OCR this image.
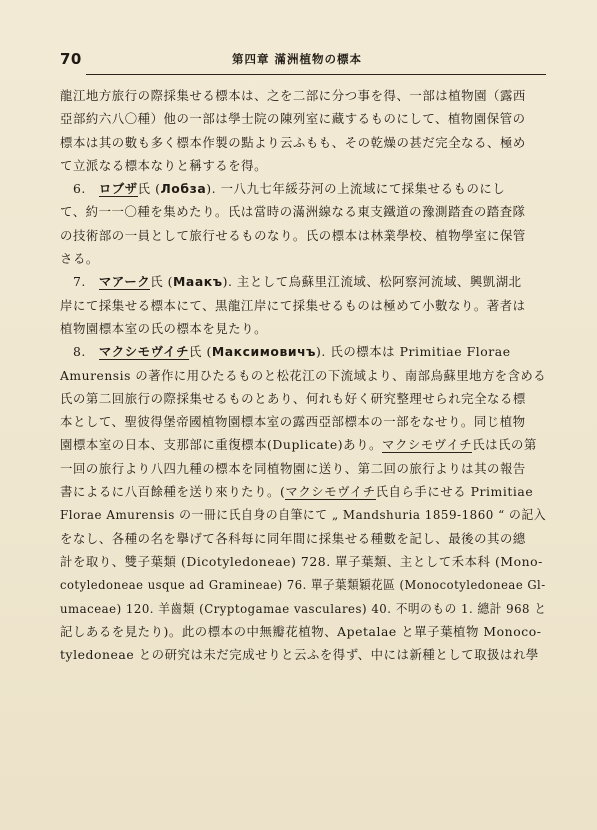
70	第四章 滿洲植物の標本
龍江地方旅行の際採集せる標本は、之を二部に分つ事を得、一部は植物園（露西
亞部約六八〇種）他の一部は學士院の陳列室に藏するものにして、植物園保管の
標本は其の數も多く標本作製の點より云ふもも、その乾燥の甚だ完全なる、極め
て立派なる標本なりと稱するを得。
　6.　ロブザ氏 (Лобза). 一八九七年綏芬河の上流域にて採集せるものにし
て、約一一〇種を集めたり。氏は當時の滿洲線なる東支鐵道の豫測踏査の踏査隊
の技術部の一員として旅行せるものなり。氏の標本は林業學校、植物學室に保管
さる。
　7.　マアーク氏 (Маакъ). 主として烏蘇里江流域、松阿察河流域、興凱湖北
岸にて採集せる標本にて、黒龍江岸にて採集せるものは極めて小數なり。著者は
植物園標本室の氏の標本を見たり。
　8.　マクシモヴイチ氏 (Максимовичъ). 氏の標本は Primitiae Florae
Amurensis の著作に用ひたるものと松花江の下流域より、南部烏蘇里地方を含める
氏の第二回旅行の際採集せるものとあり、何れも好く研究整理せられ完全なる標
本として、聖彼得堡帝國植物園標本室の露西亞部標本の一部をなせり。同じ植物
園標本室の日本、支那部に重復標本(Duplicate)あり。マクシモヴイチ氏は氏の第
一回の旅行より八四九種の標本を同植物園に送り、第二回の旅行よりは其の報告
書によるに八百餘種を送り來りたり。(マクシモヴイチ氏自ら手にせる Primitiae
Florae Amurensis の一冊に氏自身の自筆にて „ Mandshuria 1859-1860 “ の記入
をなし、各種の名を擧げて各科每に同年間に採集せる種數を記し、最後の其の總
計を取り、雙子葉類 (Dicotyledoneae) 728. 單子葉類、主として禾本科 (Mono-
cotyledoneae usque ad Gramineae) 76. 單子葉類穎花區 (Monocotyledoneae Gl-
umaceae) 120. 羊齒類 (Cryptogamae vasculares) 40. 不明のもの 1. 總計 968 と
記しあるを見たり)。此の標本の中無瓣花植物、Apetalae と單子葉植物 Monoco-
tyledoneae との研究は未だ完成せりと云ふを得ず、中には新種として取扱はれ學
